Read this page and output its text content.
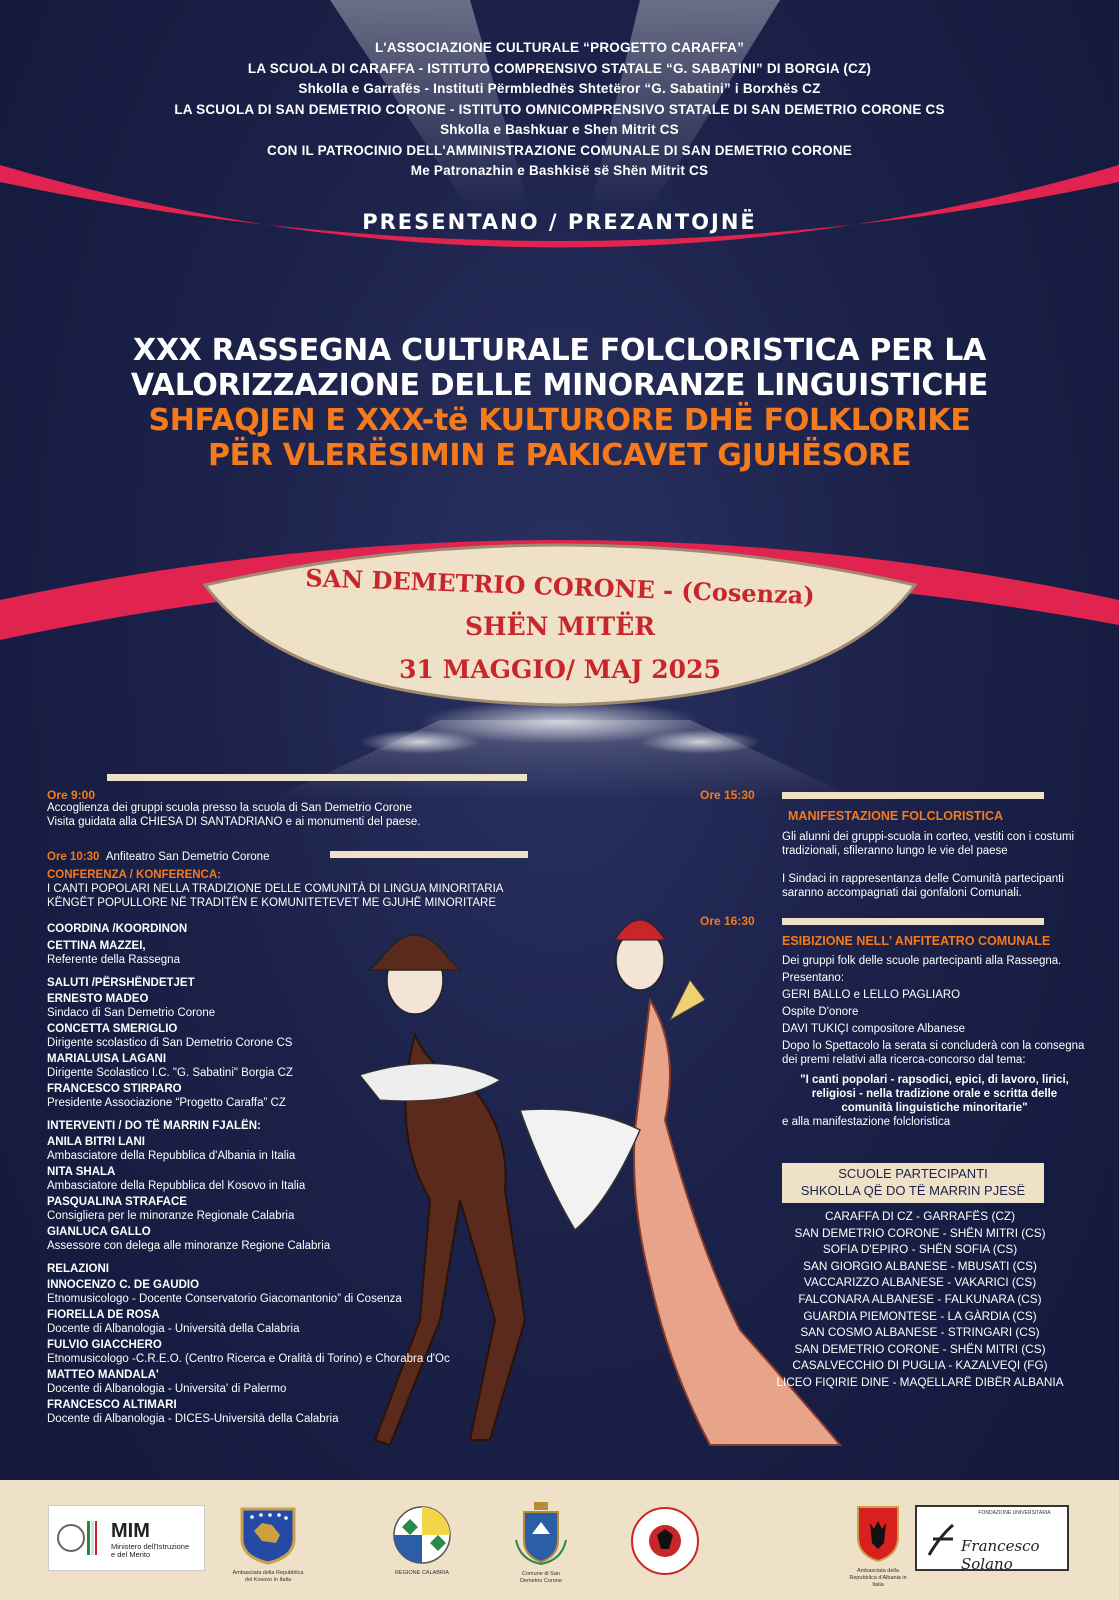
L'ASSOCIAZIONE CULTURALE “PROGETTO CARAFFA”
LA SCUOLA DI CARAFFA - ISTITUTO COMPRENSIVO STATALE “G. SABATINI” DI BORGIA (CZ)
Shkolla e Garrafës - Instituti Përmbledhës Shtetëror “G. Sabatini” i Borxhës CZ
LA SCUOLA DI SAN DEMETRIO CORONE - ISTITUTO OMNICOMPRENSIVO STATALE DI SAN DEMETRIO CORONE CS
Shkolla e Bashkuar e Shen Mitrit CS
CON IL PATROCINIO DELL'AMMINISTRAZIONE COMUNALE DI SAN DEMETRIO CORONE
Me Patronazhin e Bashkisë së Shën Mitrit CS
PRESENTANO / PREZANTOJNË
XXX RASSEGNA CULTURALE FOLCLORISTICA PER LA
VALORIZZAZIONE DELLE MINORANZE LINGUISTICHE
SHFAQJEN E XXX-të KULTURORE DHË FOLKLORIKE
PËR VLERËSIMIN E PAKICAVET GJUHËSORE
SAN DEMETRIO CORONE - (Cosenza)
SHËN MITËR
31 MAGGIO/ MAJ 2025
Ore 9:00
Accoglienza dei gruppi scuola presso la scuola di San Demetrio Corone
Visita guidata alla CHIESA DI SANTADRIANO e ai monumenti del paese.
Ore 10:30 Anfiteatro San Demetrio Corone
CONFERENZA / KONFERENCA:
I CANTI POPOLARI NELLA TRADIZIONE DELLE COMUNITÀ DI LINGUA MINORITARIA
KËNGËT POPULLORE NË TRADITËN E KOMUNITETEVET ME GJUHË MINORITARE
COORDINA /KOORDINON
CETTINA MAZZEI,
Referente della Rassegna
SALUTI /PËRSHËNDETJET
ERNESTO MADEO
Sindaco di San Demetrio Corone
CONCETTA SMERIGLIO
Dirigente scolastico di San Demetrio Corone CS
MARIALUISA LAGANI
Dirigente Scolastico I.C. "G. Sabatini" Borgia CZ
FRANCESCO STIRPARO
Presidente Associazione “Progetto Caraffa” CZ
INTERVENTI / DO TË MARRIN FJALËN:
ANILA BITRI LANI
Ambasciatore della Repubblica d'Albania in Italia
NITA SHALA
Ambasciatore della Repubblica del Kosovo in Italia
PASQUALINA STRAFACE
Consigliera per le minoranze Regionale Calabria
GIANLUCA GALLO
Assessore con delega alle minoranze Regione Calabria
RELAZIONI
INNOCENZO C. DE GAUDIO
Etnomusicologo - Docente Conservatorio Giacomantonio” di Cosenza
FIORELLA DE ROSA
Docente di Albanologia - Università della Calabria
FULVIO GIACCHERO
Etnomusicologo -C.R.E.O. (Centro Ricerca e Oralità di Torino) e Chorabra d'Oc
MATTEO MANDALA'
Docente di Albanologia - Universita' di Palermo
FRANCESCO ALTIMARI
Docente di Albanologia - DICES-Università della Calabria
Ore 15:30
MANIFESTAZIONE FOLCLORISTICA
Gli alunni dei gruppi-scuola in corteo, vestiti con i costumi tradizionali, sfileranno lungo le vie del paese
I Sindaci in rappresentanza delle Comunità partecipanti saranno accompagnati dai gonfaloni Comunali.
Ore 16:30
ESIBIZIONE NELL' ANFITEATRO COMUNALE
Dei gruppi folk delle scuole partecipanti alla Rassegna.
Presentano:
GERI BALLO e LELLO PAGLIARO
Ospite D'onore
DAVI TUKIÇI compositore Albanese
Dopo lo Spettacolo la serata si concluderà con la consegna dei premi relativi alla ricerca-concorso dal tema:
"I canti popolari - rapsodici, epici, di lavoro, lirici, religiosi - nella tradizione orale e scritta delle comunità linguistiche minoritarie"
e alla manifestazione folcloristica
SCUOLE PARTECIPANTI
SHKOLLA QË DO TË MARRIN PJESË
CARAFFA DI CZ - GARRAFËS (CZ)
SAN DEMETRIO CORONE - SHËN MITRI (CS)
SOFIA D'EPIRO - SHËN SOFIA (CS)
SAN GIORGIO ALBANESE - MBUSATI (CS)
VACCARIZZO ALBANESE - VAKARICI (CS)
FALCONARA ALBANESE - FALKUNARA (CS)
GUARDIA PIEMONTESE - LA GÀRDIA (CS)
SAN COSMO ALBANESE - STRINGARI (CS)
SAN DEMETRIO CORONE - SHËN MITRI (CS)
CASALVECCHIO DI PUGLIA - KAZALVEQI (FG)
LICEO FIQIRIE DINE - MAQELLARË DIBËR ALBANIA
MIM
Ministero dell'Istruzione
e del Merito
Ambasciata della Repubblica del Kosovo in Italia
REGIONE CALABRIA	Comune di San Demetrio Corone
Ambasciata della Repubblica d'Albania in Italia
FONDAZIONE UNIVERSITARIA
Francesco Solano
